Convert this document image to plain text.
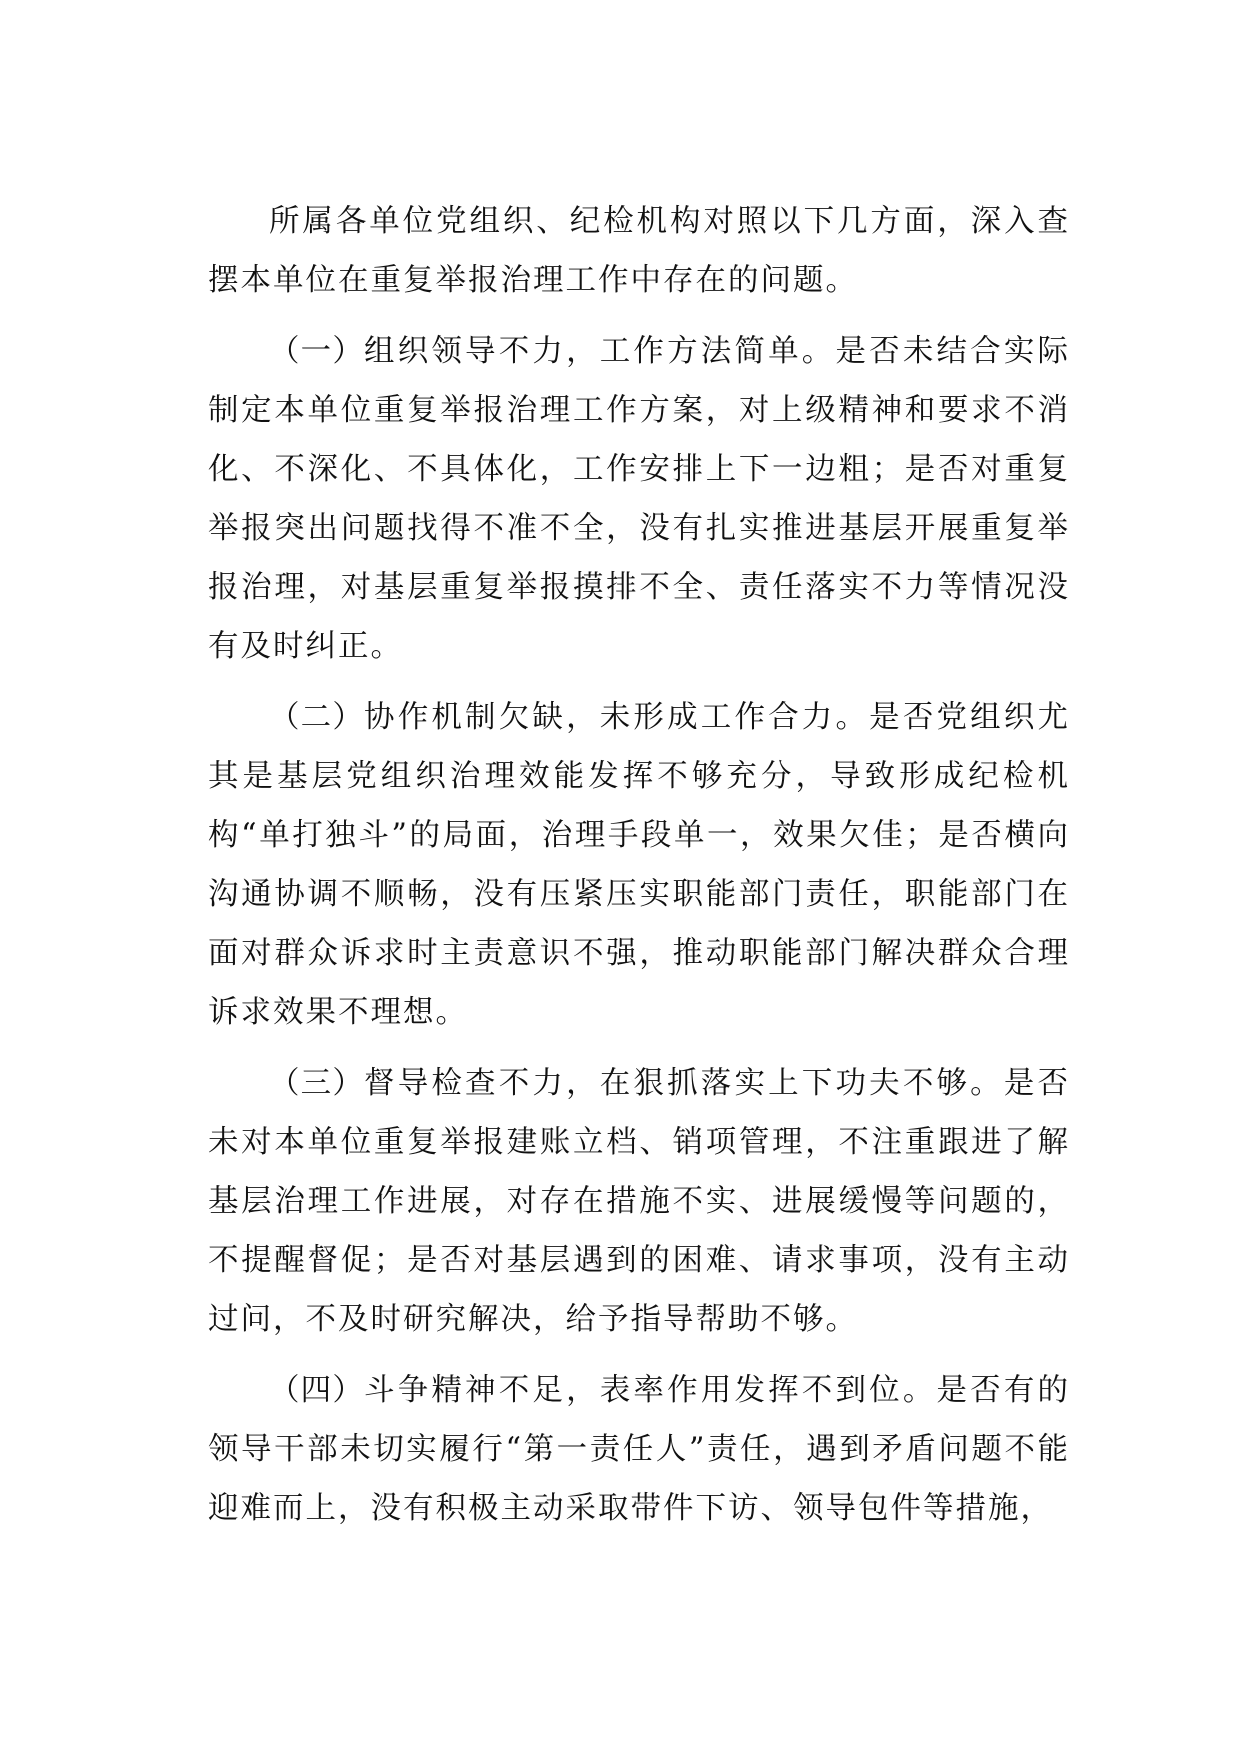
所属各单位党组织、纪检机构对照以下几方面，深入查摆本单位在重复举报治理工作中存在的问题。

（一）组织领导不力，工作方法简单。是否未结合实际制定本单位重复举报治理工作方案，对上级精神和要求不消化、不深化、不具体化，工作安排上下一边粗；是否对重复举报突出问题找得不准不全，没有扎实推进基层开展重复举报治理，对基层重复举报摸排不全、责任落实不力等情况没有及时纠正。

（二）协作机制欠缺，未形成工作合力。是否党组织尤其是基层党组织治理效能发挥不够充分，导致形成纪检机构“单打独斗”的局面，治理手段单一，效果欠佳；是否横向沟通协调不顺畅，没有压紧压实职能部门责任，职能部门在面对群众诉求时主责意识不强，推动职能部门解决群众合理诉求效果不理想。

（三）督导检查不力，在狠抓落实上下功夫不够。是否未对本单位重复举报建账立档、销项管理，不注重跟进了解基层治理工作进展，对存在措施不实、进展缓慢等问题的，不提醒督促；是否对基层遇到的困难、请求事项，没有主动过问，不及时研究解决，给予指导帮助不够。

（四）斗争精神不足，表率作用发挥不到位。是否有的领导干部未切实履行“第一责任人”责任，遇到矛盾问题不能迎难而上，没有积极主动采取带件下访、领导包件等措施，
